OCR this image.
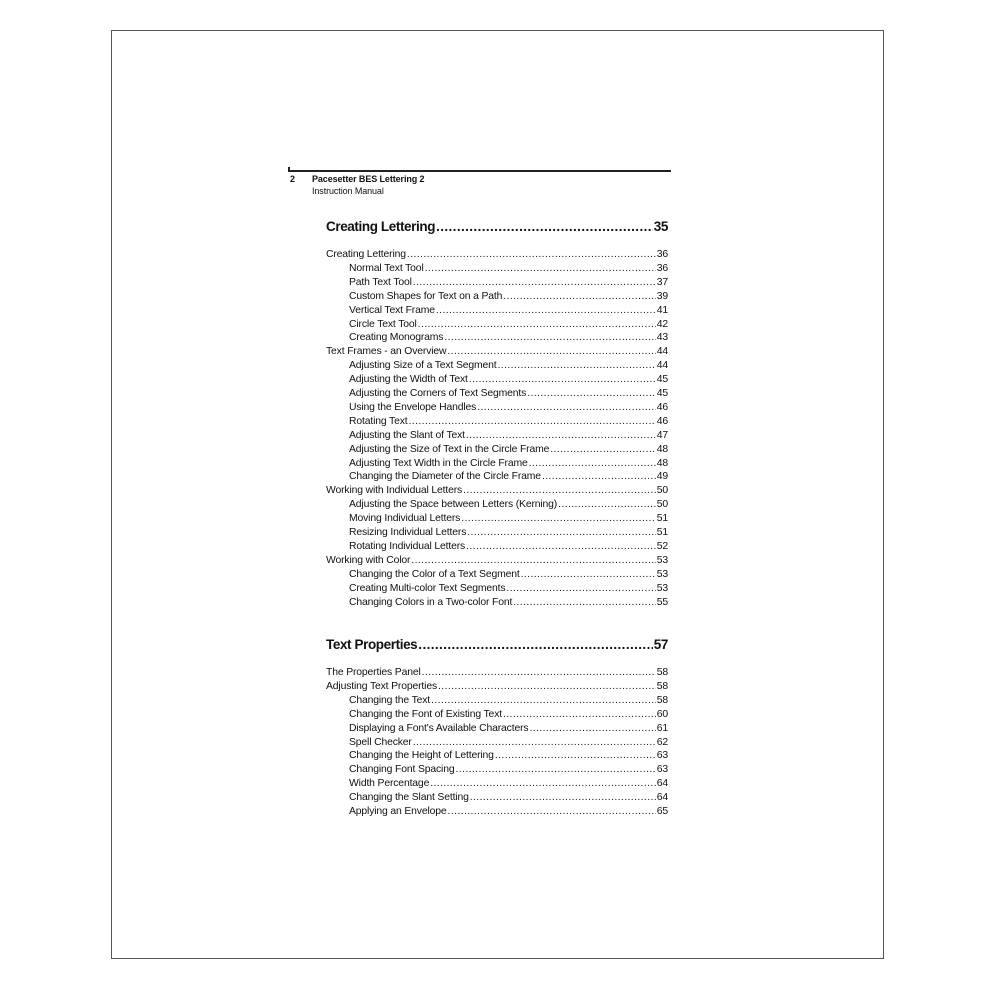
2 Pacesetter BES Lettering 2
Instruction Manual
Creating Lettering .....	35
Creating Lettering .....	36
Normal Text Tool .....	36
Path Text Tool .....	37
Custom Shapes for Text on a Path .....	39
Vertical Text Frame .....	41
Circle Text Tool .....	42
Creating Monograms .....	43
Text Frames - an Overview .....	44
Adjusting Size of a Text Segment .....	44
Adjusting the Width of Text .....	45
Adjusting the Corners of Text Segments .....	45
Using the Envelope Handles .....	46
Rotating Text .....	46
Adjusting the Slant of Text .....	47
Adjusting the Size of Text in the Circle Frame .....	48
Adjusting Text Width in the Circle Frame .....	48
Changing the Diameter of the Circle Frame .....	49
Working with Individual Letters .....	50
Adjusting the Space between Letters (Kerning) .....	50
Moving Individual Letters .....	51
Resizing Individual Letters .....	51
Rotating Individual Letters .....	52
Working with Color .....	53
Changing the Color of a Text Segment .....	53
Creating Multi-color Text Segments .....	53
Changing Colors in a Two-color Font .....	55
Text Properties .....	57
The Properties Panel .....	58
Adjusting Text Properties .....	58
Changing the Text .....	58
Changing the Font of Existing Text .....	60
Displaying a Font's Available Characters .....	61
Spell Checker .....	62
Changing the Height of Lettering .....	63
Changing Font Spacing .....	63
Width Percentage .....	64
Changing the Slant Setting .....	64
Applying an Envelope .....	65
